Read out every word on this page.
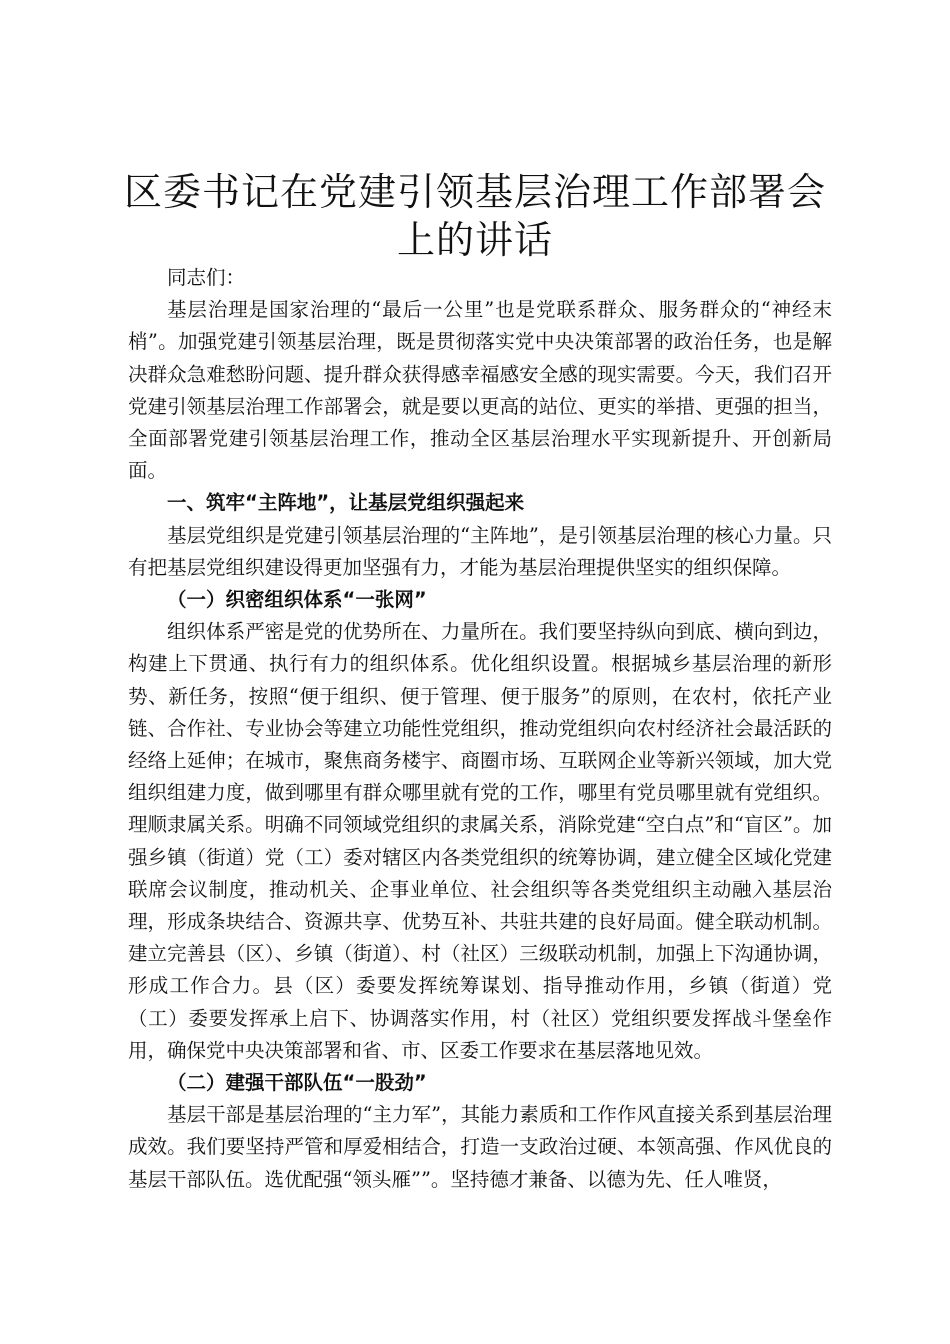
区委书记在党建引领基层治理工作部署会上的讲话

同志们：

基层治理是国家治理的“最后一公里”也是党联系群众、服务群众的“神经末梢”。加强党建引领基层治理，既是贯彻落实党中央决策部署的政治任务，也是解决群众急难愁盼问题、提升群众获得感幸福感安全感的现实需要。今天，我们召开党建引领基层治理工作部署会，就是要以更高的站位、更实的举措、更强的担当，全面部署党建引领基层治理工作，推动全区基层治理水平实现新提升、开创新局面。

一、筑牢“主阵地”，让基层党组织强起来

基层党组织是党建引领基层治理的“主阵地”，是引领基层治理的核心力量。只有把基层党组织建设得更加坚强有力，才能为基层治理提供坚实的组织保障。

（一）织密组织体系“一张网”

组织体系严密是党的优势所在、力量所在。我们要坚持纵向到底、横向到边，构建上下贯通、执行有力的组织体系。优化组织设置。根据城乡基层治理的新形势、新任务，按照“便于组织、便于管理、便于服务”的原则，在农村，依托产业链、合作社、专业协会等建立功能性党组织，推动党组织向农村经济社会最活跃的经络上延伸；在城市，聚焦商务楼宇、商圈市场、互联网企业等新兴领域，加大党组织组建力度，做到哪里有群众哪里就有党的工作，哪里有党员哪里就有党组织。理顺隶属关系。明确不同领域党组织的隶属关系，消除党建“空白点”和“盲区”。加强乡镇（街道）党（工）委对辖区内各类党组织的统筹协调，建立健全区域化党建联席会议制度，推动机关、企事业单位、社会组织等各类党组织主动融入基层治理，形成条块结合、资源共享、优势互补、共驻共建的良好局面。健全联动机制。建立完善县（区）、乡镇（街道）、村（社区）三级联动机制，加强上下沟通协调，形成工作合力。县（区）委要发挥统筹谋划、指导推动作用，乡镇（街道）党（工）委要发挥承上启下、协调落实作用，村（社区）党组织要发挥战斗堡垒作用，确保党中央决策部署和省、市、区委工作要求在基层落地见效。

（二）建强干部队伍“一股劲”

基层干部是基层治理的“主力军”，其能力素质和工作作风直接关系到基层治理成效。我们要坚持严管和厚爱相结合，打造一支政治过硬、本领高强、作风优良的基层干部队伍。选优配强“领头雁””。坚持德才兼备、以德为先、任人唯贤，
